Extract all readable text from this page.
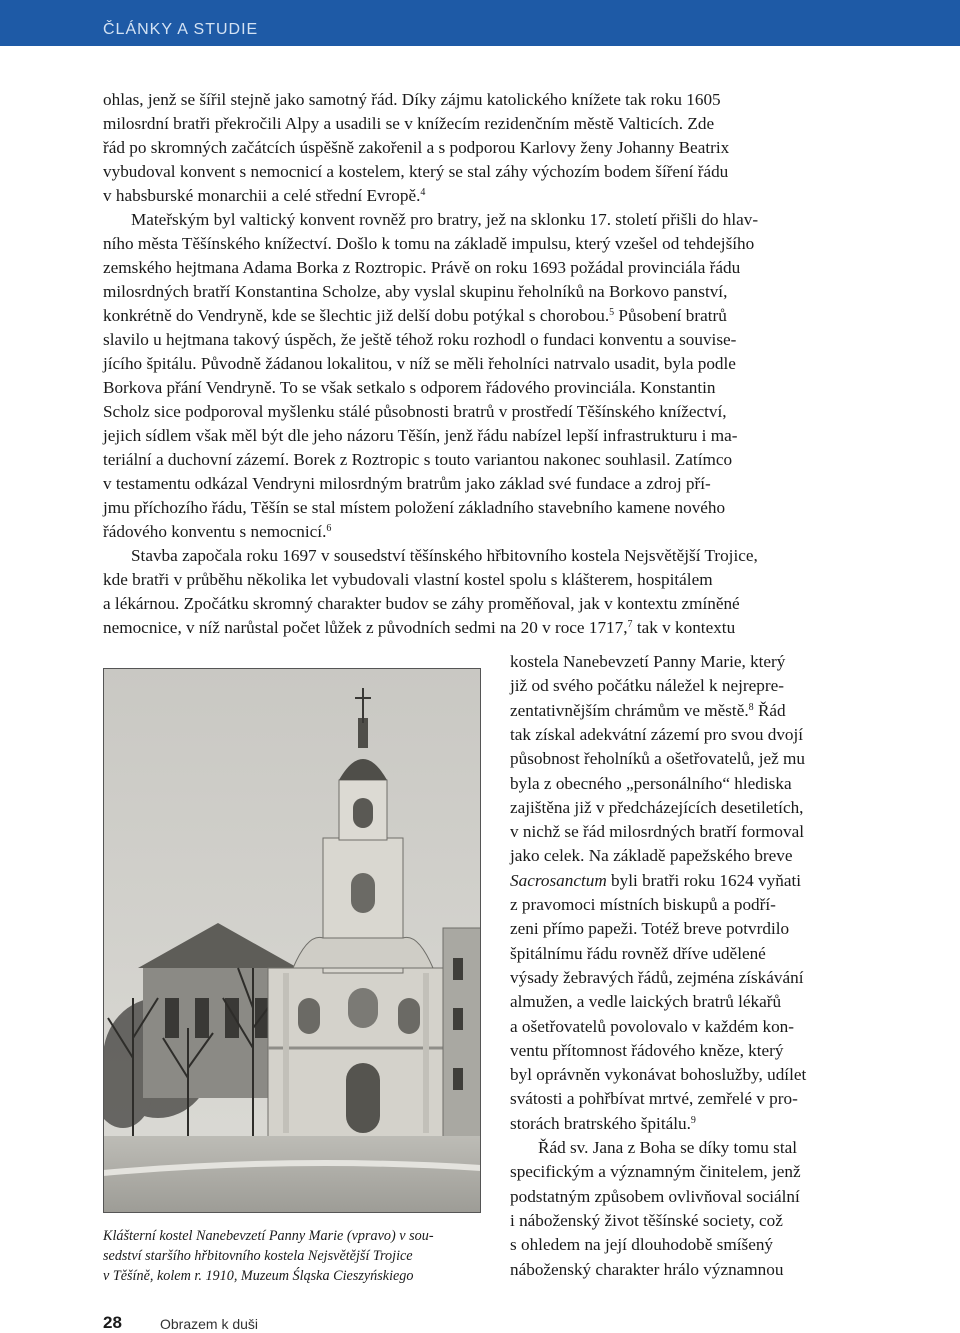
ČLÁNKY A STUDIE
ohlas, jenž se šířil stejně jako samotný řád. Díky zájmu katolického knížete tak roku 1605
milosrdní bratři překročili Alpy a usadili se v knížecím rezidenčním městě Valticích. Zde
řád po skromných začátcích úspěšně zakořenil a s podporou Karlovy ženy Johanny Beatrix
vybudoval konvent s nemocnicí a kostelem, který se stal záhy výchozím bodem šíření řádu
v habsburské monarchii a celé střední Evropě.$^4$
Mateřským byl valtický konvent rovněž pro bratry, jež na sklonku 17. století přišli do hlav-
ního města Těšínského knížectví. Došlo k tomu na základě impulsu, který vzešel od tehdejšího
zemského hejtmana Adama Borka z Roztropic. Právě on roku 1693 požádal provinciála řádu
milosrdných bratří Konstantina Scholze, aby vyslal skupinu řeholníků na Borkovo panství,
konkrétně do Vendryně, kde se šlechtic již delší dobu potýkal s chorobou.$^5$ Působení bratrů
slavilo u hejtmana takový úspěch, že ještě téhož roku rozhodl o fundaci konventu a souvise-
jícího špitálu. Původně žádanou lokalitou, v níž se měli řeholníci natrvalo usadit, byla podle
Borkova přání Vendryně. To se však setkalo s odporem řádového provinciála. Konstantin
Scholz sice podporoval myšlenku stálé působnosti bratrů v prostředí Těšínského knížectví,
jejich sídlem však měl být dle jeho názoru Těšín, jenž řádu nabízel lepší infrastrukturu i ma-
teriální a duchovní zázemí. Borek z Roztropic s touto variantou nakonec souhlasil. Zatímco
v testamentu odkázal Vendryni milosrdným bratrům jako základ své fundace a zdroj pří-
jmu příchozího řádu, Těšín se stal místem položení základního stavebního kamene nového
řádového konventu s nemocnicí.$^6$
Stavba započala roku 1697 v sousedství těšínského hřbitovního kostela Nejsvětější Trojice,
kde bratři v průběhu několika let vybudovali vlastní kostel spolu s klášterem, hospitálem
a lékárnou. Zpočátku skromný charakter budov se záhy proměňoval, jak v kontextu zmíněné
nemocnice, v níž narůstal počet lůžek z původních sedmi na 20 v roce 1717,$^7$ tak v kontextu
kostela Nanebevzetí Panny Marie, který
již od svého počátku náležel k nejrepre-
zentativnějším chrámům ve městě.$^8$ Řád
tak získal adekvátní zázemí pro svou dvojí
působnost řeholníků a ošetřovatelů, jež mu
byla z obecného „personálního“ hlediska
zajištěna již v předcházejících desetiletích,
v nichž se řád milosrdných bratří formoval
jako celek. Na základě papežského breve
Sacrosanctum byli bratři roku 1624 vyňati
z pravomoci místních biskupů a podří-
zeni přímo papeži. Totéž breve potvrdilo
špitálnímu řádu rovněž dříve udělené
výsady žebravých řádů, zejména získávání
almužen, a vedle laických bratrů lékařů
a ošetřovatelů povolovalo v každém kon-
ventu přítomnost řádového kněze, který
byl oprávněn vykonávat bohoslužby, udílet
svátosti a pohřbívat mrtvé, zemřelé v pro-
storách bratrského špitálu.$^9$
Řád sv. Jana z Boha se díky tomu stal
specifickým a významným činitelem, jenž
podstatným způsobem ovlivňoval sociální
i náboženský život těšínské society, což
s ohledem na její dlouhodobě smíšený
náboženský charakter hrálo významnou
Klášterní kostel Nanebevzetí Panny Marie (vpravo) v sou-
sedství staršího hřbitovního kostela Nejsvětější Trojice
v Těšíně, kolem r. 1910, Muzeum Śląska Cieszyńskiego
28	Obrazem k duši
